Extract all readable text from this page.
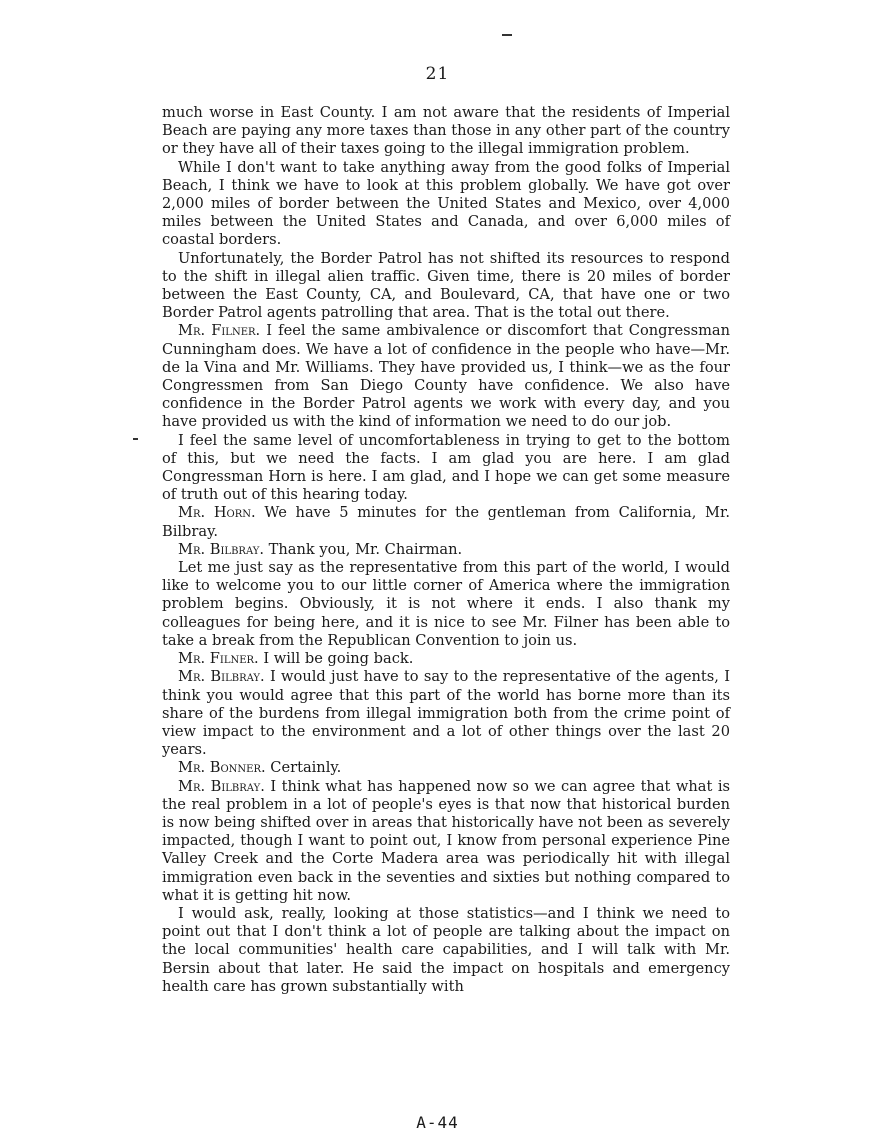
21

much worse in East County. I am not aware that the residents of Imperial Beach are paying any more taxes than those in any other part of the country or they have all of their taxes going to the illegal immigration problem.

While I don't want to take anything away from the good folks of Imperial Beach, I think we have to look at this problem globally. We have got over 2,000 miles of border between the United States and Mexico, over 4,000 miles between the United States and Canada, and over 6,000 miles of coastal borders.

Unfortunately, the Border Patrol has not shifted its resources to respond to the shift in illegal alien traffic. Given time, there is 20 miles of border between the East County, CA, and Boulevard, CA, that have one or two Border Patrol agents patrolling that area. That is the total out there.

Mr. Filner. I feel the same ambivalence or discomfort that Congressman Cunningham does. We have a lot of confidence in the people who have—Mr. de la Vina and Mr. Williams. They have provided us, I think—we as the four Congressmen from San Diego County have confidence. We also have confidence in the Border Patrol agents we work with every day, and you have provided us with the kind of information we need to do our job.

I feel the same level of uncomfortableness in trying to get to the bottom of this, but we need the facts. I am glad you are here. I am glad Congressman Horn is here. I am glad, and I hope we can get some measure of truth out of this hearing today.

Mr. Horn. We have 5 minutes for the gentleman from California, Mr. Bilbray.

Mr. Bilbray. Thank you, Mr. Chairman.

Let me just say as the representative from this part of the world, I would like to welcome you to our little corner of America where the immigration problem begins. Obviously, it is not where it ends. I also thank my colleagues for being here, and it is nice to see Mr. Filner has been able to take a break from the Republican Convention to join us.

Mr. Filner. I will be going back.

Mr. Bilbray. I would just have to say to the representative of the agents, I think you would agree that this part of the world has borne more than its share of the burdens from illegal immigration both from the crime point of view impact to the environment and a lot of other things over the last 20 years.

Mr. Bonner. Certainly.

Mr. Bilbray. I think what has happened now so we can agree that what is the real problem in a lot of people's eyes is that now that historical burden is now being shifted over in areas that historically have not been as severely impacted, though I want to point out, I know from personal experience Pine Valley Creek and the Corte Madera area was periodically hit with illegal immigration even back in the seventies and sixties but nothing compared to what it is getting hit now.

I would ask, really, looking at those statistics—and I think we need to point out that I don't think a lot of people are talking about the impact on the local communities' health care capabilities, and I will talk with Mr. Bersin about that later. He said the impact on hospitals and emergency health care has grown substantially with

A-44
